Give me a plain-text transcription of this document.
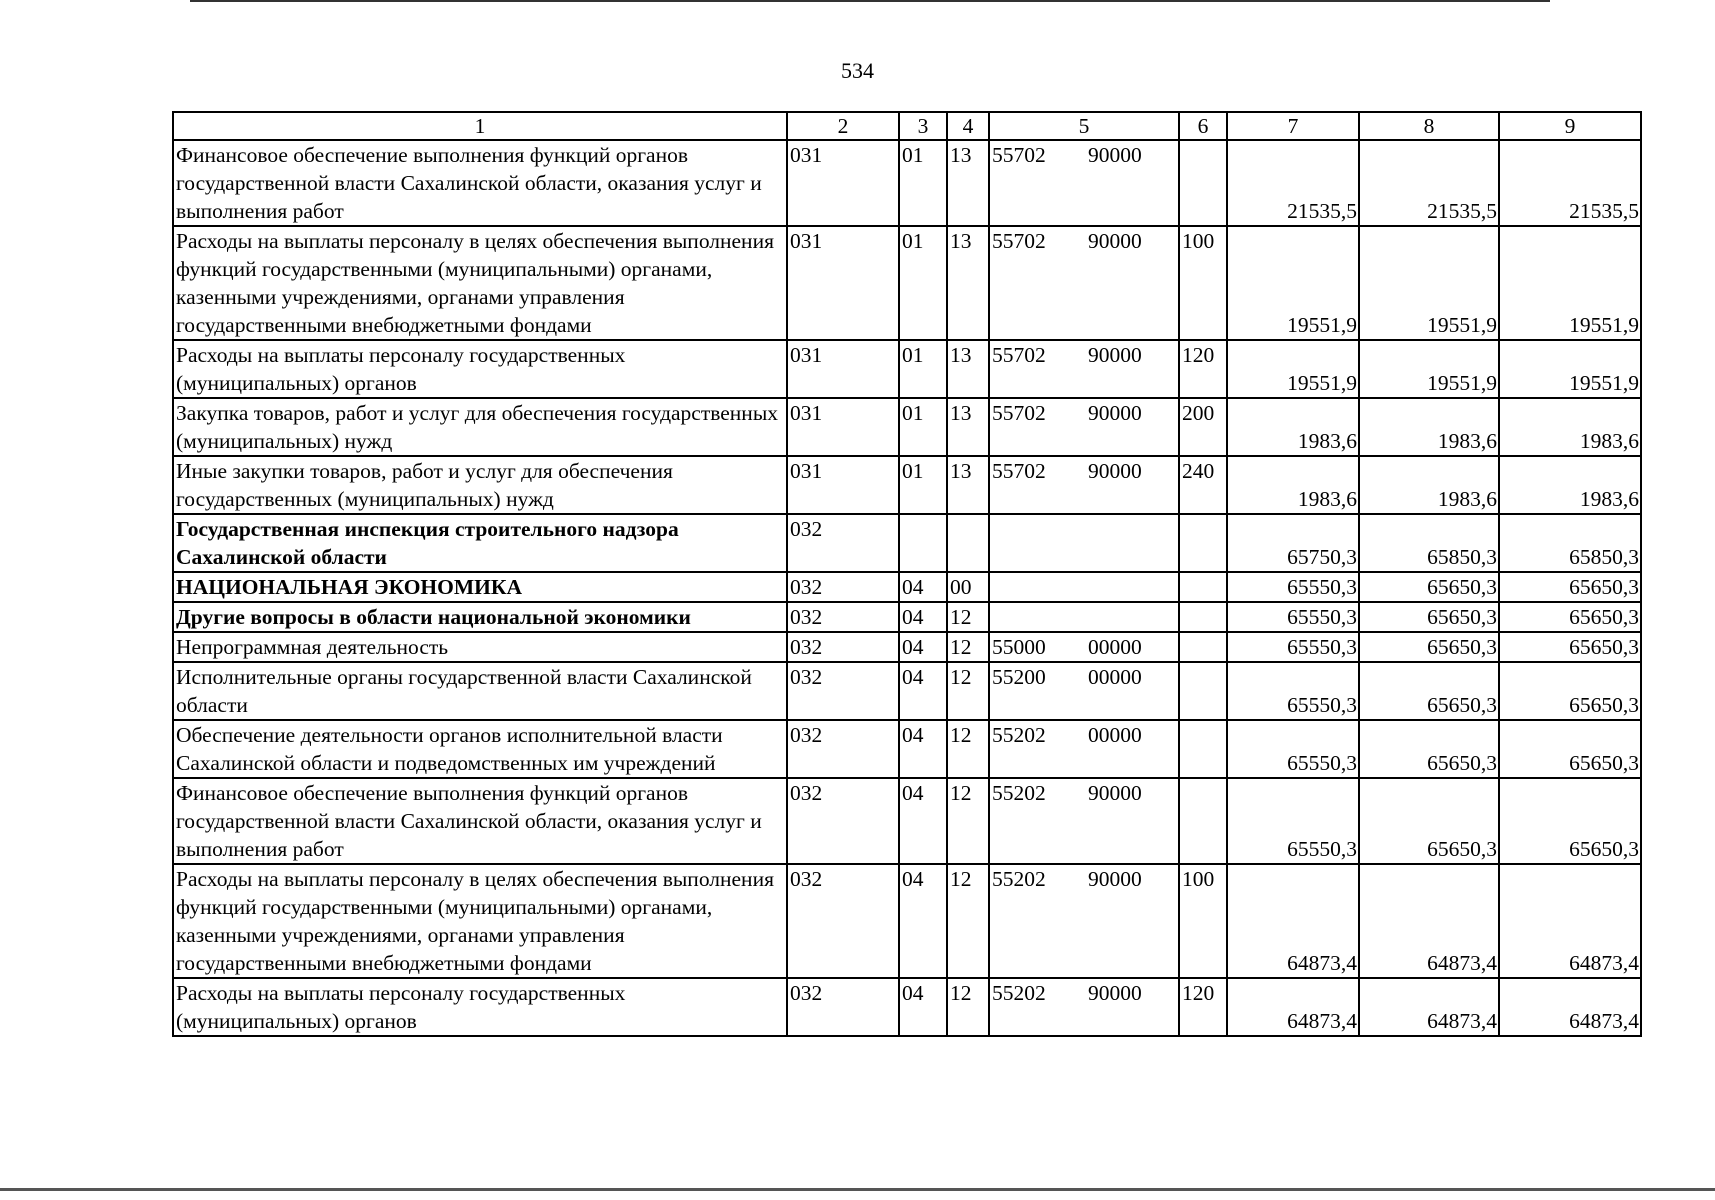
534
1	2	3	4	5	6	7	8	9
Финансовое обеспечение выполнения функций органов государственной власти Сахалинской области, оказания услуг и выполнения работ	031	01	13	55702 90000		21535,5	21535,5	21535,5
Расходы на выплаты персоналу в целях обеспечения выполнения функций государственными (муниципальными) органами, казенными учреждениями, органами управления государственными внебюджетными фондами	031	01	13	55702 90000	100	19551,9	19551,9	19551,9
Расходы на выплаты персоналу государственных (муниципальных) органов	031	01	13	55702 90000	120	19551,9	19551,9	19551,9
Закупка товаров, работ и услуг для обеспечения государственных (муниципальных) нужд	031	01	13	55702 90000	200	1983,6	1983,6	1983,6
Иные закупки товаров, работ и услуг для обеспечения государственных (муниципальных) нужд	031	01	13	55702 90000	240	1983,6	1983,6	1983,6
Государственная инспекция строительного надзора Сахалинской области	032					65750,3	65850,3	65850,3
НАЦИОНАЛЬНАЯ ЭКОНОМИКА	032	04	00			65550,3	65650,3	65650,3
Другие вопросы в области национальной экономики	032	04	12			65550,3	65650,3	65650,3
Непрограммная деятельность	032	04	12	55000 00000		65550,3	65650,3	65650,3
Исполнительные органы государственной власти Сахалинской области	032	04	12	55200 00000		65550,3	65650,3	65650,3
Обеспечение деятельности органов исполнительной власти Сахалинской области и подведомственных им учреждений	032	04	12	55202 00000		65550,3	65650,3	65650,3
Финансовое обеспечение выполнения функций органов государственной власти Сахалинской области, оказания услуг и выполнения работ	032	04	12	55202 90000		65550,3	65650,3	65650,3
Расходы на выплаты персоналу в целях обеспечения выполнения функций государственными (муниципальными) органами, казенными учреждениями, органами управления государственными внебюджетными фондами	032	04	12	55202 90000	100	64873,4	64873,4	64873,4
Расходы на выплаты персоналу государственных (муниципальных) органов	032	04	12	55202 90000	120	64873,4	64873,4	64873,4
